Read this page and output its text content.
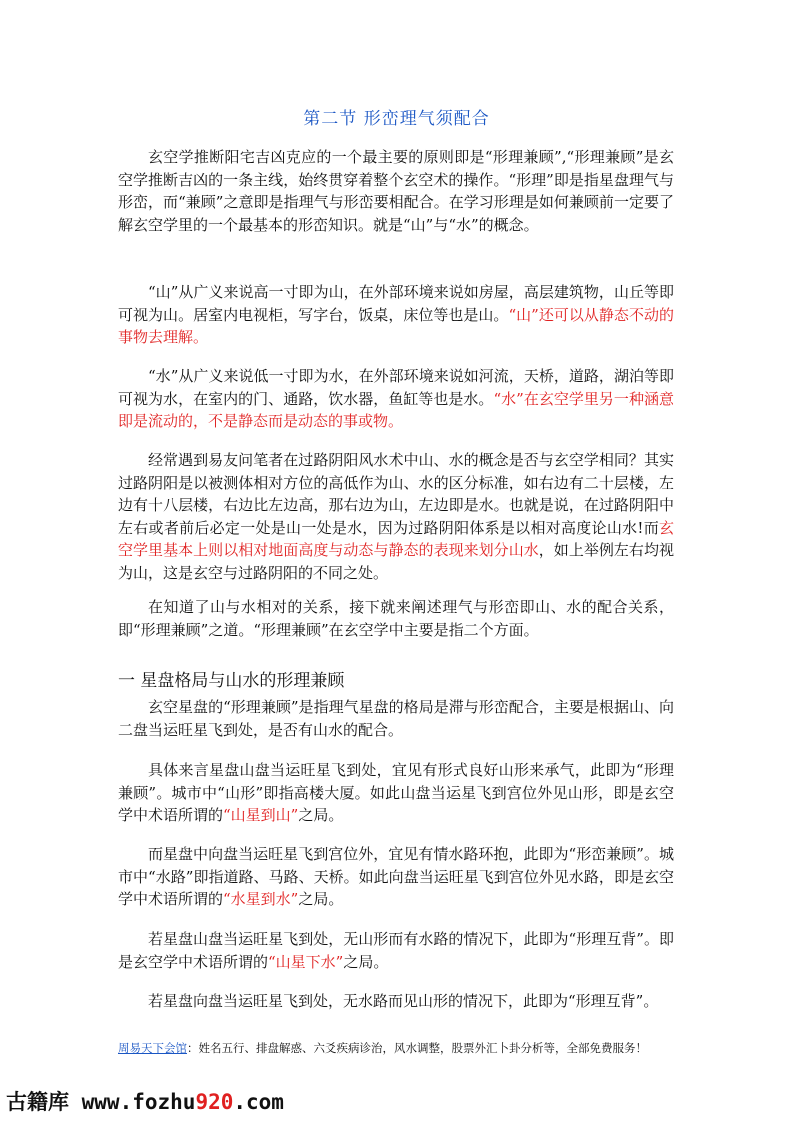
第二节 形峦理气须配合

玄空学推断阳宅吉凶克应的一个最主要的原则即是“形理兼顾”,“形理兼顾”是玄空学推断吉凶的一条主线，始终贯穿着整个玄空术的操作。“形理”即是指星盘理气与形峦，而“兼顾”之意即是指理气与形峦要相配合。在学习形理是如何兼顾前一定要了解玄空学里的一个最基本的形峦知识。就是“山”与“水”的概念。

“山”从广义来说高一寸即为山，在外部环境来说如房屋，高层建筑物，山丘等即可视为山。居室内电视柜，写字台，饭桌，床位等也是山。“山”还可以从静态不动的事物去理解。

“水”从广义来说低一寸即为水，在外部环境来说如河流，天桥，道路，湖泊等即可视为水，在室内的门、通路，饮水器，鱼缸等也是水。“水”在玄空学里另一种涵意即是流动的，不是静态而是动态的事或物。

经常遇到易友问笔者在过路阴阳风水术中山、水的概念是否与玄空学相同？其实过路阴阳是以被测体相对方位的高低作为山、水的区分标准，如右边有二十层楼，左边有十八层楼，右边比左边高，那右边为山，左边即是水。也就是说，在过路阴阳中左右或者前后必定一处是山一处是水，因为过路阴阳体系是以相对高度论山水!而玄空学里基本上则以相对地面高度与动态与静态的表现来划分山水，如上举例左右均视为山，这是玄空与过路阴阳的不同之处。

在知道了山与水相对的关系，接下就来阐述理气与形峦即山、水的配合关系，即“形理兼顾”之道。“形理兼顾”在玄空学中主要是指二个方面。

一 星盘格局与山水的形理兼顾

玄空星盘的“形理兼顾”是指理气星盘的格局是滞与形峦配合，主要是根据山、向二盘当运旺星飞到处，是否有山水的配合。

具体来言星盘山盘当运旺星飞到处，宜见有形式良好山形来承气，此即为“形理兼顾”。城市中“山形”即指高楼大厦。如此山盘当运星飞到宫位外见山形，即是玄空学中术语所谓的“山星到山”之局。

而星盘中向盘当运旺星飞到宫位外，宜见有情水路环抱，此即为“形峦兼顾”。城市中“水路”即指道路、马路、天桥。如此向盘当运旺星飞到宫位外见水路，即是玄空学中术语所谓的“水星到水”之局。

若星盘山盘当运旺星飞到处，无山形而有水路的情况下，此即为“形理互背”。即是玄空学中术语所谓的“山星下水”之局。

若星盘向盘当运旺星飞到处，无水路而见山形的情况下，此即为“形理互背”。

周易天下会馆：姓名五行、排盘解惑、六爻疾病诊治，风水调整，股票外汇卜卦分析等，全部免费服务！
古籍库 www.fozhu920.com
